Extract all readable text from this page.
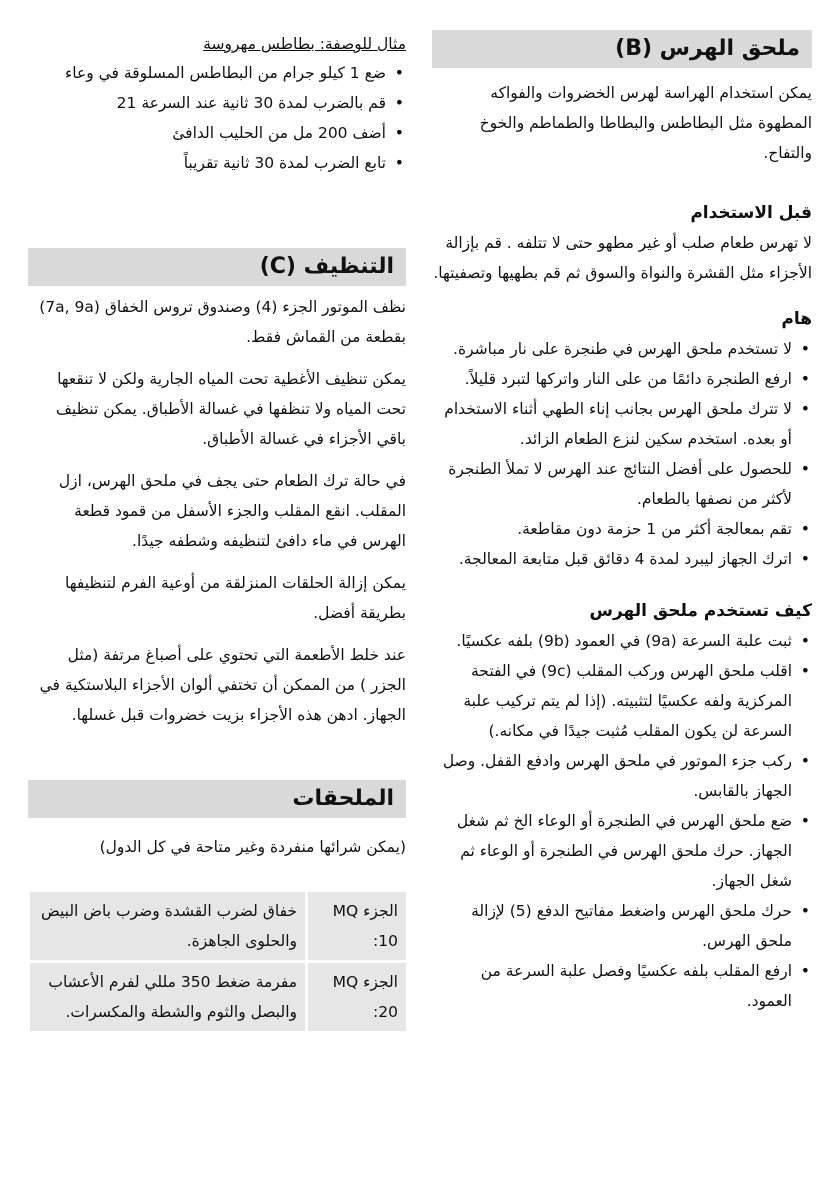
ملحق الهرس (B)

يمكن استخدام الهراسة لهرس الخضروات والفواكه المطهوة مثل البطاطس والبطاطا والطماطم والخوخ والتفاح.

قبل الاستخدام

لا تهرس طعام صلب أو غير مطهو حتى لا تتلفه . قم بإزالة الأجزاء مثل القشرة والنواة والسوق ثم قم بطهيها وتصفيتها.

هام
• لا تستخدم ملحق الهرس في طنجرة على نار مباشرة.
• ارفع الطنجرة دائمًا من على النار واتركها لتبرد قليلاً.
• لا تترك ملحق الهرس بجانب إناء الطهي أثناء الاستخدام أو بعده. استخدم سكين لنزع الطعام الزائد.
• للحصول على أفضل النتائج عند الهرس لا تملأ الطنجرة لأكثر من نصفها بالطعام.
• تقم بمعالجة أكثر من 1 حزمة دون مقاطعة.
• اترك الجهاز ليبرد لمدة 4 دقائق قبل متابعة المعالجة.
كيف تستخدم ملحق الهرس
• ثبت علبة السرعة (9a) في العمود (9b) بلفه عكسيًا.
• اقلب ملحق الهرس وركب المقلب (9c) في الفتحة المركزية ولفه عكسيًا لتثبيته. (إذا لم يتم تركيب علبة السرعة لن يكون المقلب مُثبت جيدًا في مكانه.)
• ركب جزء الموتور في ملحق الهرس وادفع القفل. وصل الجهاز بالقابس.
• ضع ملحق الهرس في الطنجرة أو الوعاء الخ ثم شغل الجهاز. حرك ملحق الهرس في الطنجرة أو الوعاء ثم شغل الجهاز.
• حرك ملحق الهرس واضغط مفاتيح الدفع (5) لإزالة ملحق الهرس.
• ارفع المقلب بلفه عكسيًا وفصل علبة السرعة من العمود.
مثال للوصفة: بطاطس مهروسة
• ضع 1 كيلو جرام من البطاطس المسلوقة في وعاء
• قم بالضرب لمدة 30 ثانية عند السرعة 21
• أضف 200 مل من الحليب الدافئ
• تابع الضرب لمدة 30 ثانية تقريباً
التنظيف (C)

نظف الموتور الجزء (4) وصندوق تروس الخفاق (7a, 9a) بقطعة من القماش فقط.

يمكن تنظيف الأغطية تحت المياه الجارية ولكن لا تنقعها تحت المياه ولا تنظفها في غسالة الأطباق. يمكن تنظيف باقي الأجزاء في غسالة الأطباق.

في حالة ترك الطعام حتى يجف في ملحق الهرس، ازل المقلب. انقع المقلب والجزء الأسفل من قمود قطعة الهرس في ماء دافئ لتنظيفه وشطفه جيدًا.

يمكن إزالة الحلقات المنزلقة من أوعية الفرم لتنظيفها بطريقة أفضل.

عند خلط الأطعمة التي تحتوي على أصباغ مرتفة (مثل الجزر ) من الممكن أن تختفي ألوان الأجزاء البلاستكية في الجهاز. ادهن هذه الأجزاء بزيت خضروات قبل غسلها.

الملحقات

(يمكن شرائها منفردة وغير متاحة في كل الدول)

الجزء MQ 10:	خفاق لضرب القشدة وضرب باض البيض والحلوى الجاهزة.
الجزء MQ 20:	مفرمة ضغط 350 مللي لفرم الأعشاب والبصل والثوم والشطة والمكسرات.
